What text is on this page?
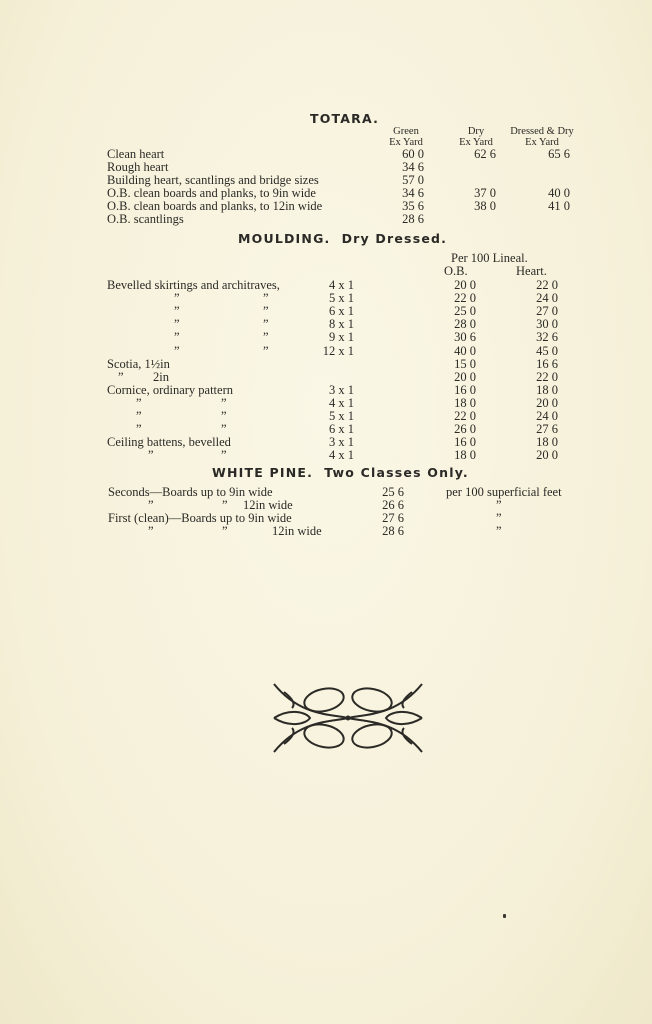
TOTARA.
Green
Ex Yard
Dry
Ex Yard
Dressed & Dry
Ex Yard
Clean heart	60 0	62 6	65 6
Rough heart	34 6
Building heart, scantlings and bridge sizes	57 0
O.B. clean boards and planks, to 9in wide	34 6	37 0	40 0
O.B. clean boards and planks, to 12in wide	35 6	38 0	41 0
O.B. scantlings	28 6
MOULDING. Dry Dressed.
Per 100 Lineal.
O.B.	Heart.
Bevelled skirtings and architraves,	4 x 1	20 0	22 0
”	”	5 x 1	22 0	24 0
”	”	6 x 1	25 0	27 0
”	”	8 x 1	28 0	30 0
”	”	9 x 1	30 6	32 6
”	”	12 x 1	40 0	45 0
Scotia, 1½in	15 0	16 6
” 2in	20 0	22 0
Cornice, ordinary pattern	3 x 1	16 0	18 0
”	”	4 x 1	18 0	20 0
”	”	5 x 1	22 0	24 0
”	”	6 x 1	26 0	27 6
Ceiling battens, bevelled	3 x 1	16 0	18 0
”	”	4 x 1	18 0	20 0
WHITE PINE. Two Classes Only.
Seconds—Boards up to 9in wide	25 6	per 100 superficial feet
”	” 12in wide	26 6	”
First (clean)—Boards up to 9in wide	27 6	”
”	”	12in wide	28 6	”
